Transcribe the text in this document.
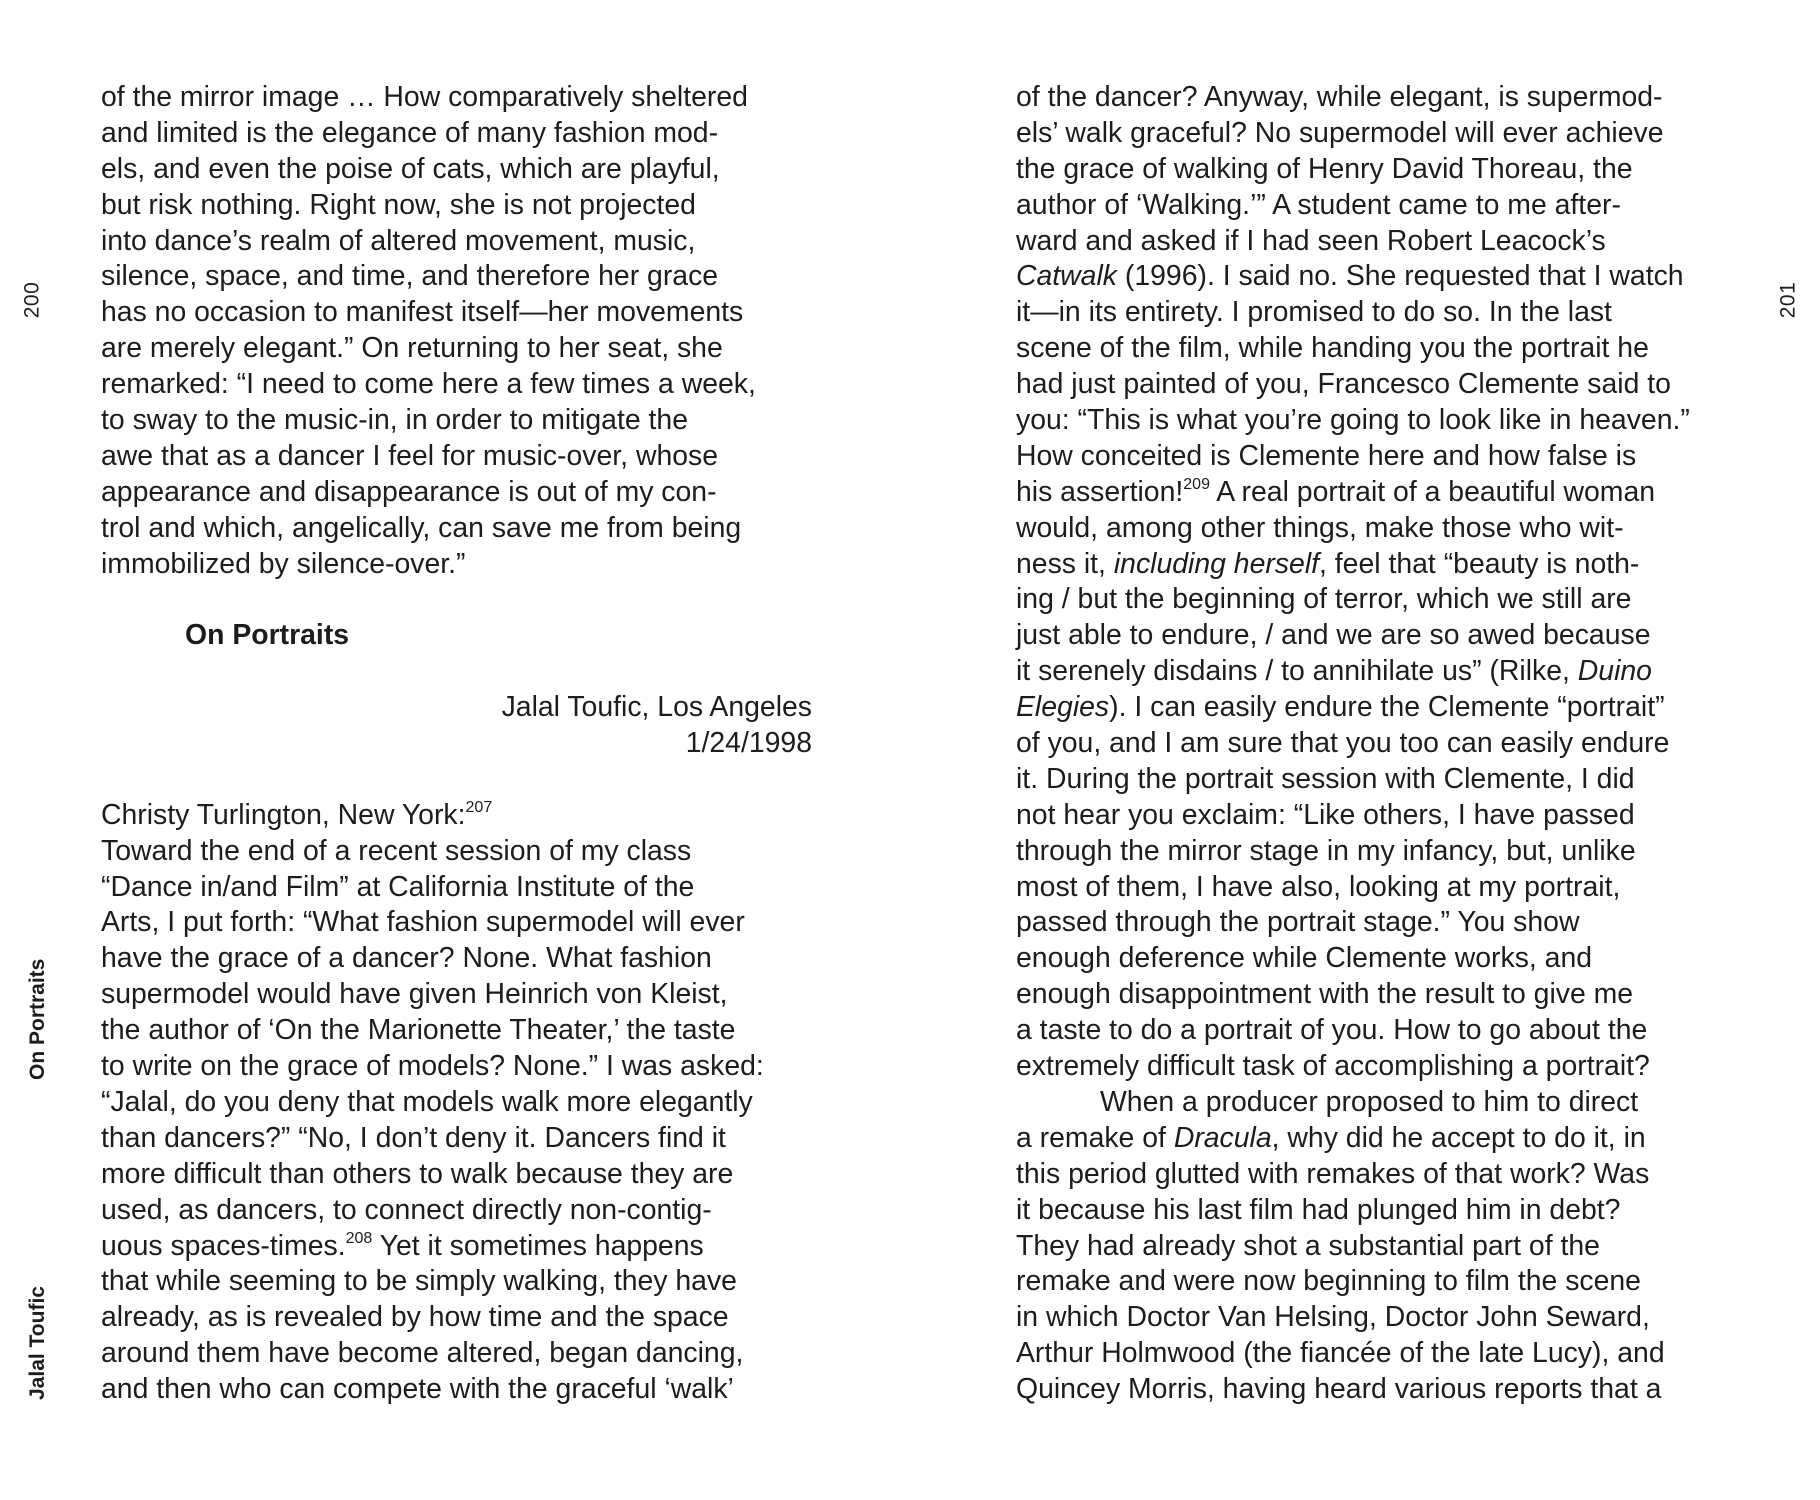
200
On Portraits
Jalal Toufic
of the mirror image … How comparatively sheltered
and limited is the elegance of many fashion mod-
els, and even the poise of cats, which are playful,
but risk nothing. Right now, she is not projected
into dance’s realm of altered movement, music,
silence, space, and time, and therefore her grace
has no occasion to manifest itself—her movements
are merely elegant.” On returning to her seat, she
remarked: “I need to come here a few times a week,
to sway to the music-in, in order to mitigate the
awe that as a dancer I feel for music-over, whose
appearance and disappearance is out of my con-
trol and which, angelically, can save me from being
immobilized by silence-over.”
On Portraits
Jalal Toufic, Los Angeles
1/24/1998
Christy Turlington, New York:$^{207}$
Toward the end of a recent session of my class
“Dance in/and Film” at California Institute of the
Arts, I put forth: “What fashion supermodel will ever
have the grace of a dancer? None. What fashion
supermodel would have given Heinrich von Kleist,
the author of ‘On the Marionette Theater,’ the taste
to write on the grace of models? None.” I was asked:
“Jalal, do you deny that models walk more elegantly
than dancers?” “No, I don’t deny it. Dancers find it
more difficult than others to walk because they are
used, as dancers, to connect directly non-contig-
uous spaces-times.$^{208}$ Yet it sometimes happens
that while seeming to be simply walking, they have
already, as is revealed by how time and the space
around them have become altered, began dancing,
and then who can compete with the graceful ‘walk’
201
of the dancer? Anyway, while elegant, is supermod-
els’ walk graceful? No supermodel will ever achieve
the grace of walking of Henry David Thoreau, the
author of ‘Walking.’” A student came to me after-
ward and asked if I had seen Robert Leacock’s
Catwalk (1996). I said no. She requested that I watch
it—in its entirety. I promised to do so. In the last
scene of the film, while handing you the portrait he
had just painted of you, Francesco Clemente said to
you: “This is what you’re going to look like in heaven.”
How conceited is Clemente here and how false is
his assertion!$^{209}$ A real portrait of a beautiful woman
would, among other things, make those who wit-
ness it, including herself, feel that “beauty is noth-
ing / but the beginning of terror, which we still are
just able to endure, / and we are so awed because
it serenely disdains / to annihilate us” (Rilke, Duino
Elegies). I can easily endure the Clemente “portrait”
of you, and I am sure that you too can easily endure
it. During the portrait session with Clemente, I did
not hear you exclaim: “Like others, I have passed
through the mirror stage in my infancy, but, unlike
most of them, I have also, looking at my portrait,
passed through the portrait stage.” You show
enough deference while Clemente works, and
enough disappointment with the result to give me
a taste to do a portrait of you. How to go about the
extremely difficult task of accomplishing a portrait?
When a producer proposed to him to direct
a remake of Dracula, why did he accept to do it, in
this period glutted with remakes of that work? Was
it because his last film had plunged him in debt?
They had already shot a substantial part of the
remake and were now beginning to film the scene
in which Doctor Van Helsing, Doctor John Seward,
Arthur Holmwood (the fiancée of the late Lucy), and
Quincey Morris, having heard various reports that a
